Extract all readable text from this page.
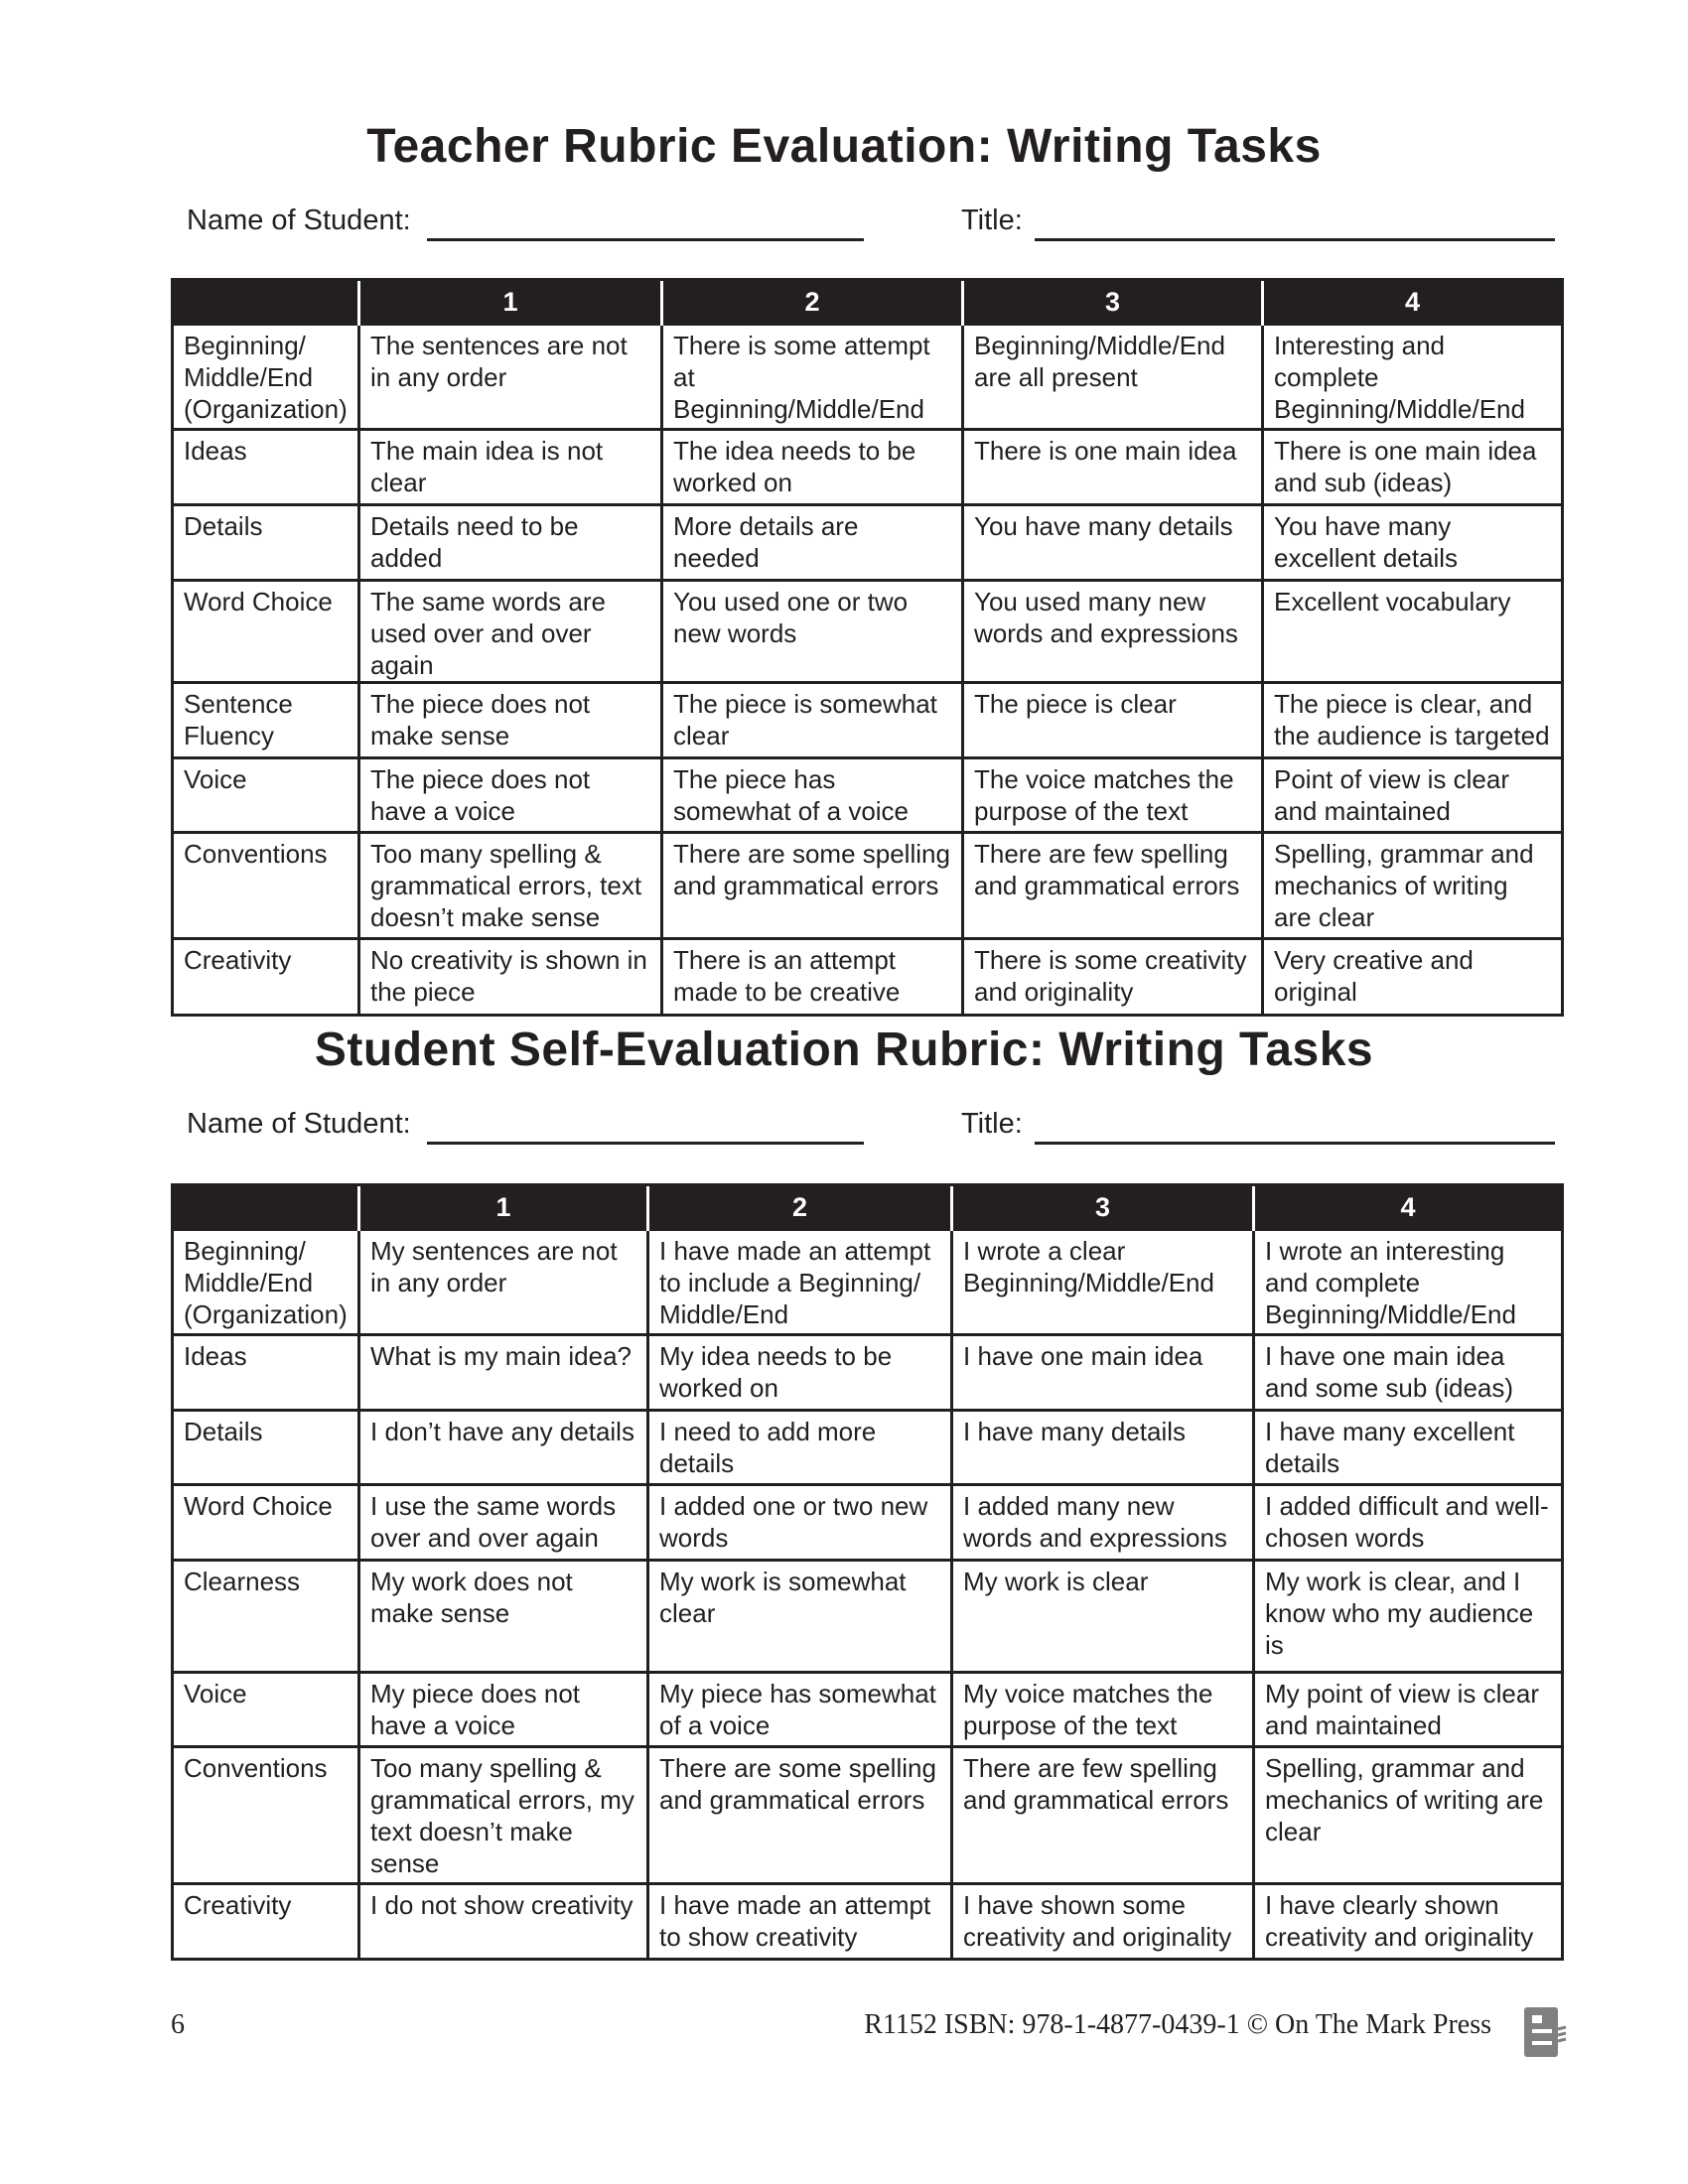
Teacher Rubric Evaluation: Writing Tasks
Name of Student:	Title:
	1	2	3	4
Beginning/ Middle/End (Organization)	The sentences are not in any order	There is some attempt at Beginning/Middle/End	Beginning/Middle/End are all present	Interesting and complete Beginning/Middle/End
Ideas	The main idea is not clear	The idea needs to be worked on	There is one main idea	There is one main idea and sub (ideas)
Details	Details need to be added	More details are needed	You have many details	You have many excellent details
Word Choice	The same words are used over and over again	You used one or two new words	You used many new words and expressions	Excellent vocabulary
Sentence Fluency	The piece does not make sense	The piece is somewhat clear	The piece is clear	The piece is clear, and the audience is targeted
Voice	The piece does not have a voice	The piece has somewhat of a voice	The voice matches the purpose of the text	Point of view is clear and maintained
Conventions	Too many spelling & grammatical errors, text doesn’t make sense	There are some spelling and grammatical errors	There are few spelling and grammatical errors	Spelling, grammar and mechanics of writing are clear
Creativity	No creativity is shown in the piece	There is an attempt made to be creative	There is some creativity and originality	Very creative and original
Student Self-Evaluation Rubric: Writing Tasks
Name of Student:	Title:
	1	2	3	4
Beginning/ Middle/End (Organization)	My sentences are not in any order	I have made an attempt to include a Beginning/ Middle/End	I wrote a clear Beginning/Middle/End	I wrote an interesting and complete Beginning/Middle/End
Ideas	What is my main idea?	My idea needs to be worked on	I have one main idea	I have one main idea and some sub (ideas)
Details	I don’t have any details	I need to add more details	I have many details	I have many excellent details
Word Choice	I use the same words over and over again	I added one or two new words	I added many new words and expressions	I added difficult and well-chosen words
Clearness	My work does not make sense	My work is somewhat clear	My work is clear	My work is clear, and I know who my audience is
Voice	My piece does not have a voice	My piece has somewhat of a voice	My voice matches the purpose of the text	My point of view is clear and maintained
Conventions	Too many spelling & grammatical errors, my text doesn’t make sense	There are some spelling and grammatical errors	There are few spelling and grammatical errors	Spelling, grammar and mechanics of writing are clear
Creativity	I do not show creativity	I have made an attempt to show creativity	I have shown some creativity and originality	I have clearly shown creativity and originality
6	R1152 ISBN: 978-1-4877-0439-1 © On The Mark Press
